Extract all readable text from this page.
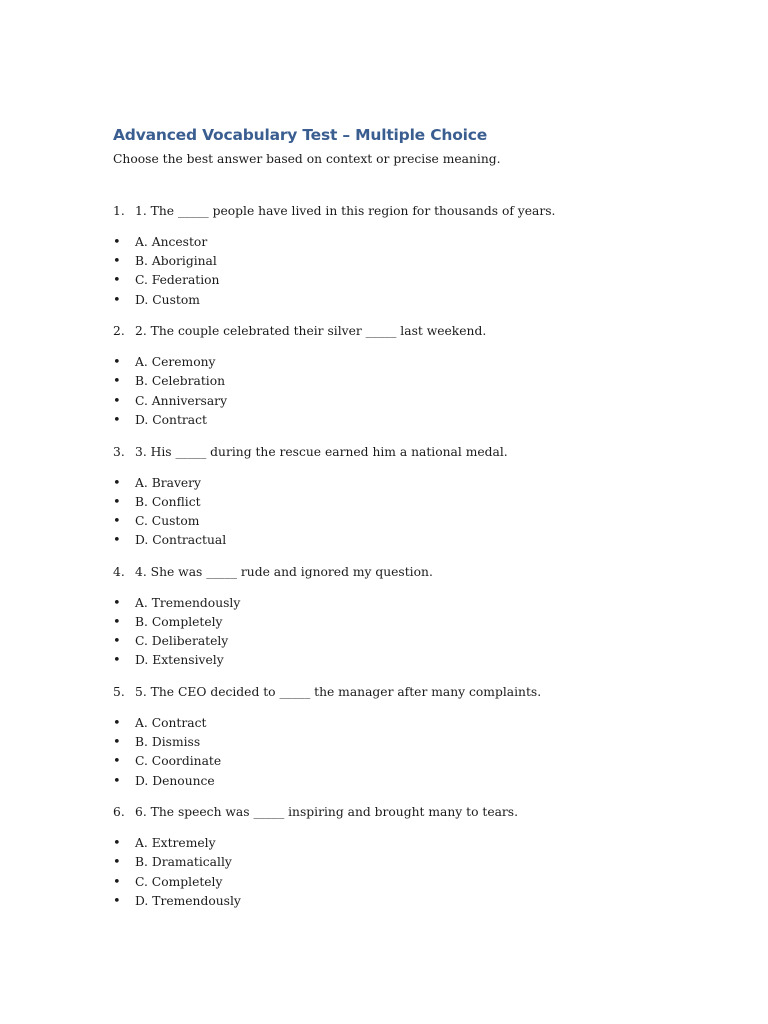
Advanced Vocabulary Test – Multiple Choice

Choose the best answer based on context or precise meaning.

1. 1. The _____ people have lived in this region for thousands of years.
•	A. Ancestor
•	B. Aboriginal
•	C. Federation
•	D. Custom
2. 2. The couple celebrated their silver _____ last weekend.
•	A. Ceremony
•	B. Celebration
•	C. Anniversary
•	D. Contract
3. 3. His _____ during the rescue earned him a national medal.
•	A. Bravery
•	B. Conflict
•	C. Custom
•	D. Contractual
4. 4. She was _____ rude and ignored my question.
•	A. Tremendously
•	B. Completely
•	C. Deliberately
•	D. Extensively
5. 5. The CEO decided to _____ the manager after many complaints.
•	A. Contract
•	B. Dismiss
•	C. Coordinate
•	D. Denounce
6. 6. The speech was _____ inspiring and brought many to tears.
•	A. Extremely
•	B. Dramatically
•	C. Completely
•	D. Tremendously
